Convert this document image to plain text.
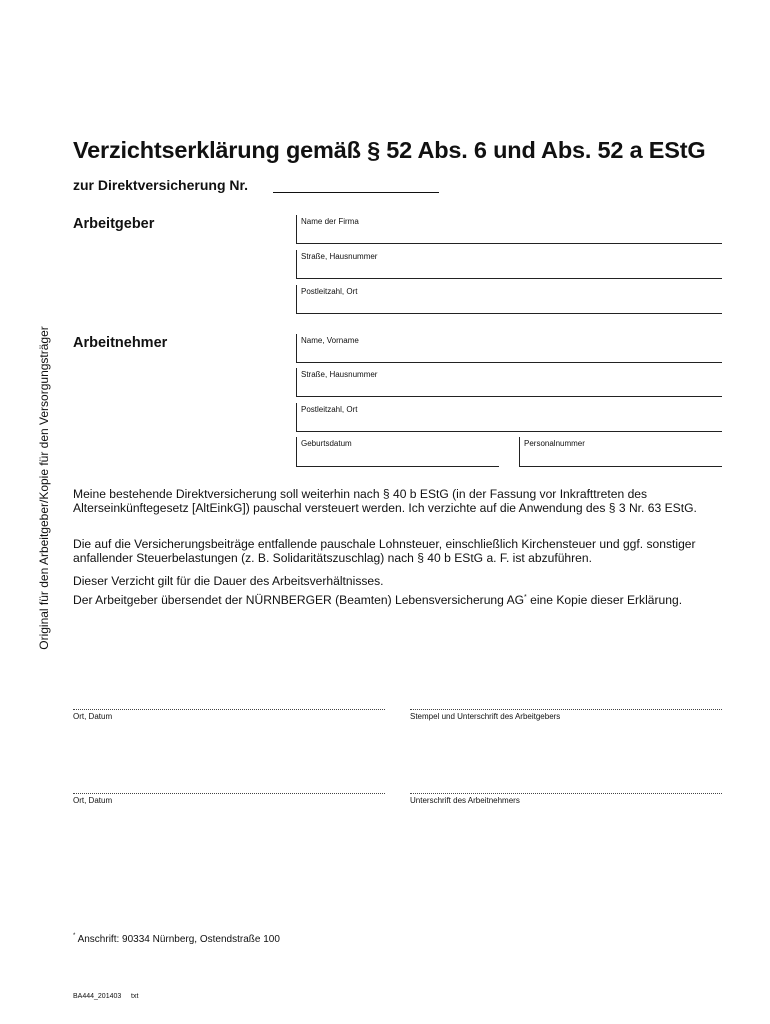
Verzichtserklärung gemäß § 52 Abs. 6 und Abs. 52 a EStG
zur Direktversicherung Nr.
Original für den Arbeitgeber/Kopie für den Versorgungsträger
Arbeitgeber	Name der Firma
Straße, Hausnummer
Postleitzahl, Ort
Arbeitnehmer	Name, Vorname
Straße, Hausnummer
Postleitzahl, Ort
Geburtsdatum	Personalnummer
Meine bestehende Direktversicherung soll weiterhin nach § 40 b EStG (in der Fassung vor Inkrafttreten des Alterseinkünftegesetz [AltEinkG]) pauschal versteuert werden. Ich verzichte auf die Anwendung des § 3 Nr. 63 EStG.
Die auf die Versicherungsbeiträge entfallende pauschale Lohnsteuer, einschließlich Kirchensteuer und ggf. sonstiger anfallender Steuerbelastungen (z. B. Solidaritätszuschlag) nach § 40 b EStG a. F. ist abzuführen.
Dieser Verzicht gilt für die Dauer des Arbeitsverhältnisses.
Der Arbeitgeber übersendet der NÜRNBERGER (Beamten) Lebensversicherung AG* eine Kopie dieser Erklärung.
Ort, Datum	Stempel und Unterschrift des Arbeitgebers
Ort, Datum	Unterschrift des Arbeitnehmers
* Anschrift: 90334 Nürnberg, Ostendstraße 100
BA444_201403     txt
